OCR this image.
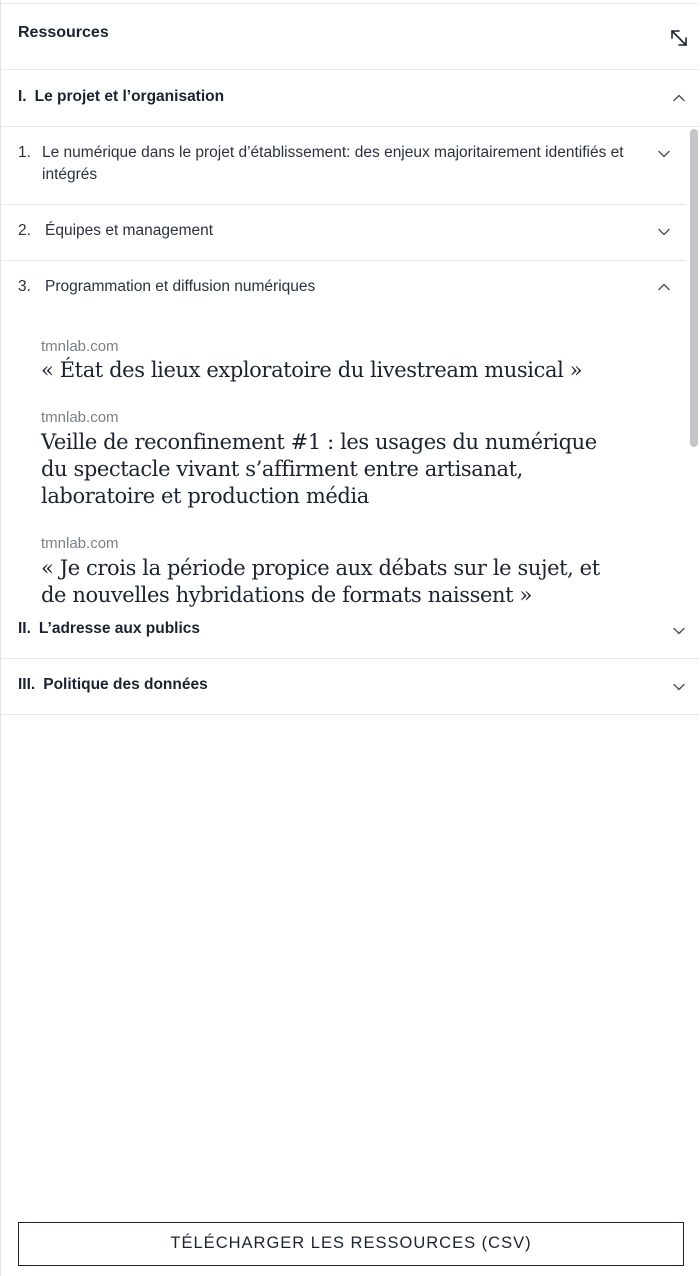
Ressources
I. Le projet et l’organisation
1. Le numérique dans le projet d’établissement: des enjeux majoritairement identifiés et intégrés
2. Équipes et management
3. Programmation et diffusion numériques
tmnlab.com
« État des lieux exploratoire du livestream musical »
tmnlab.com
Veille de reconfinement #1 : les usages du numérique du spectacle vivant s’affirment entre artisanat, laboratoire et production média
tmnlab.com
« Je crois la période propice aux débats sur le sujet, et de nouvelles hybridations de formats naissent »
II. L’adresse aux publics
III. Politique des données
TÉLÉCHARGER LES RESSOURCES (CSV)
